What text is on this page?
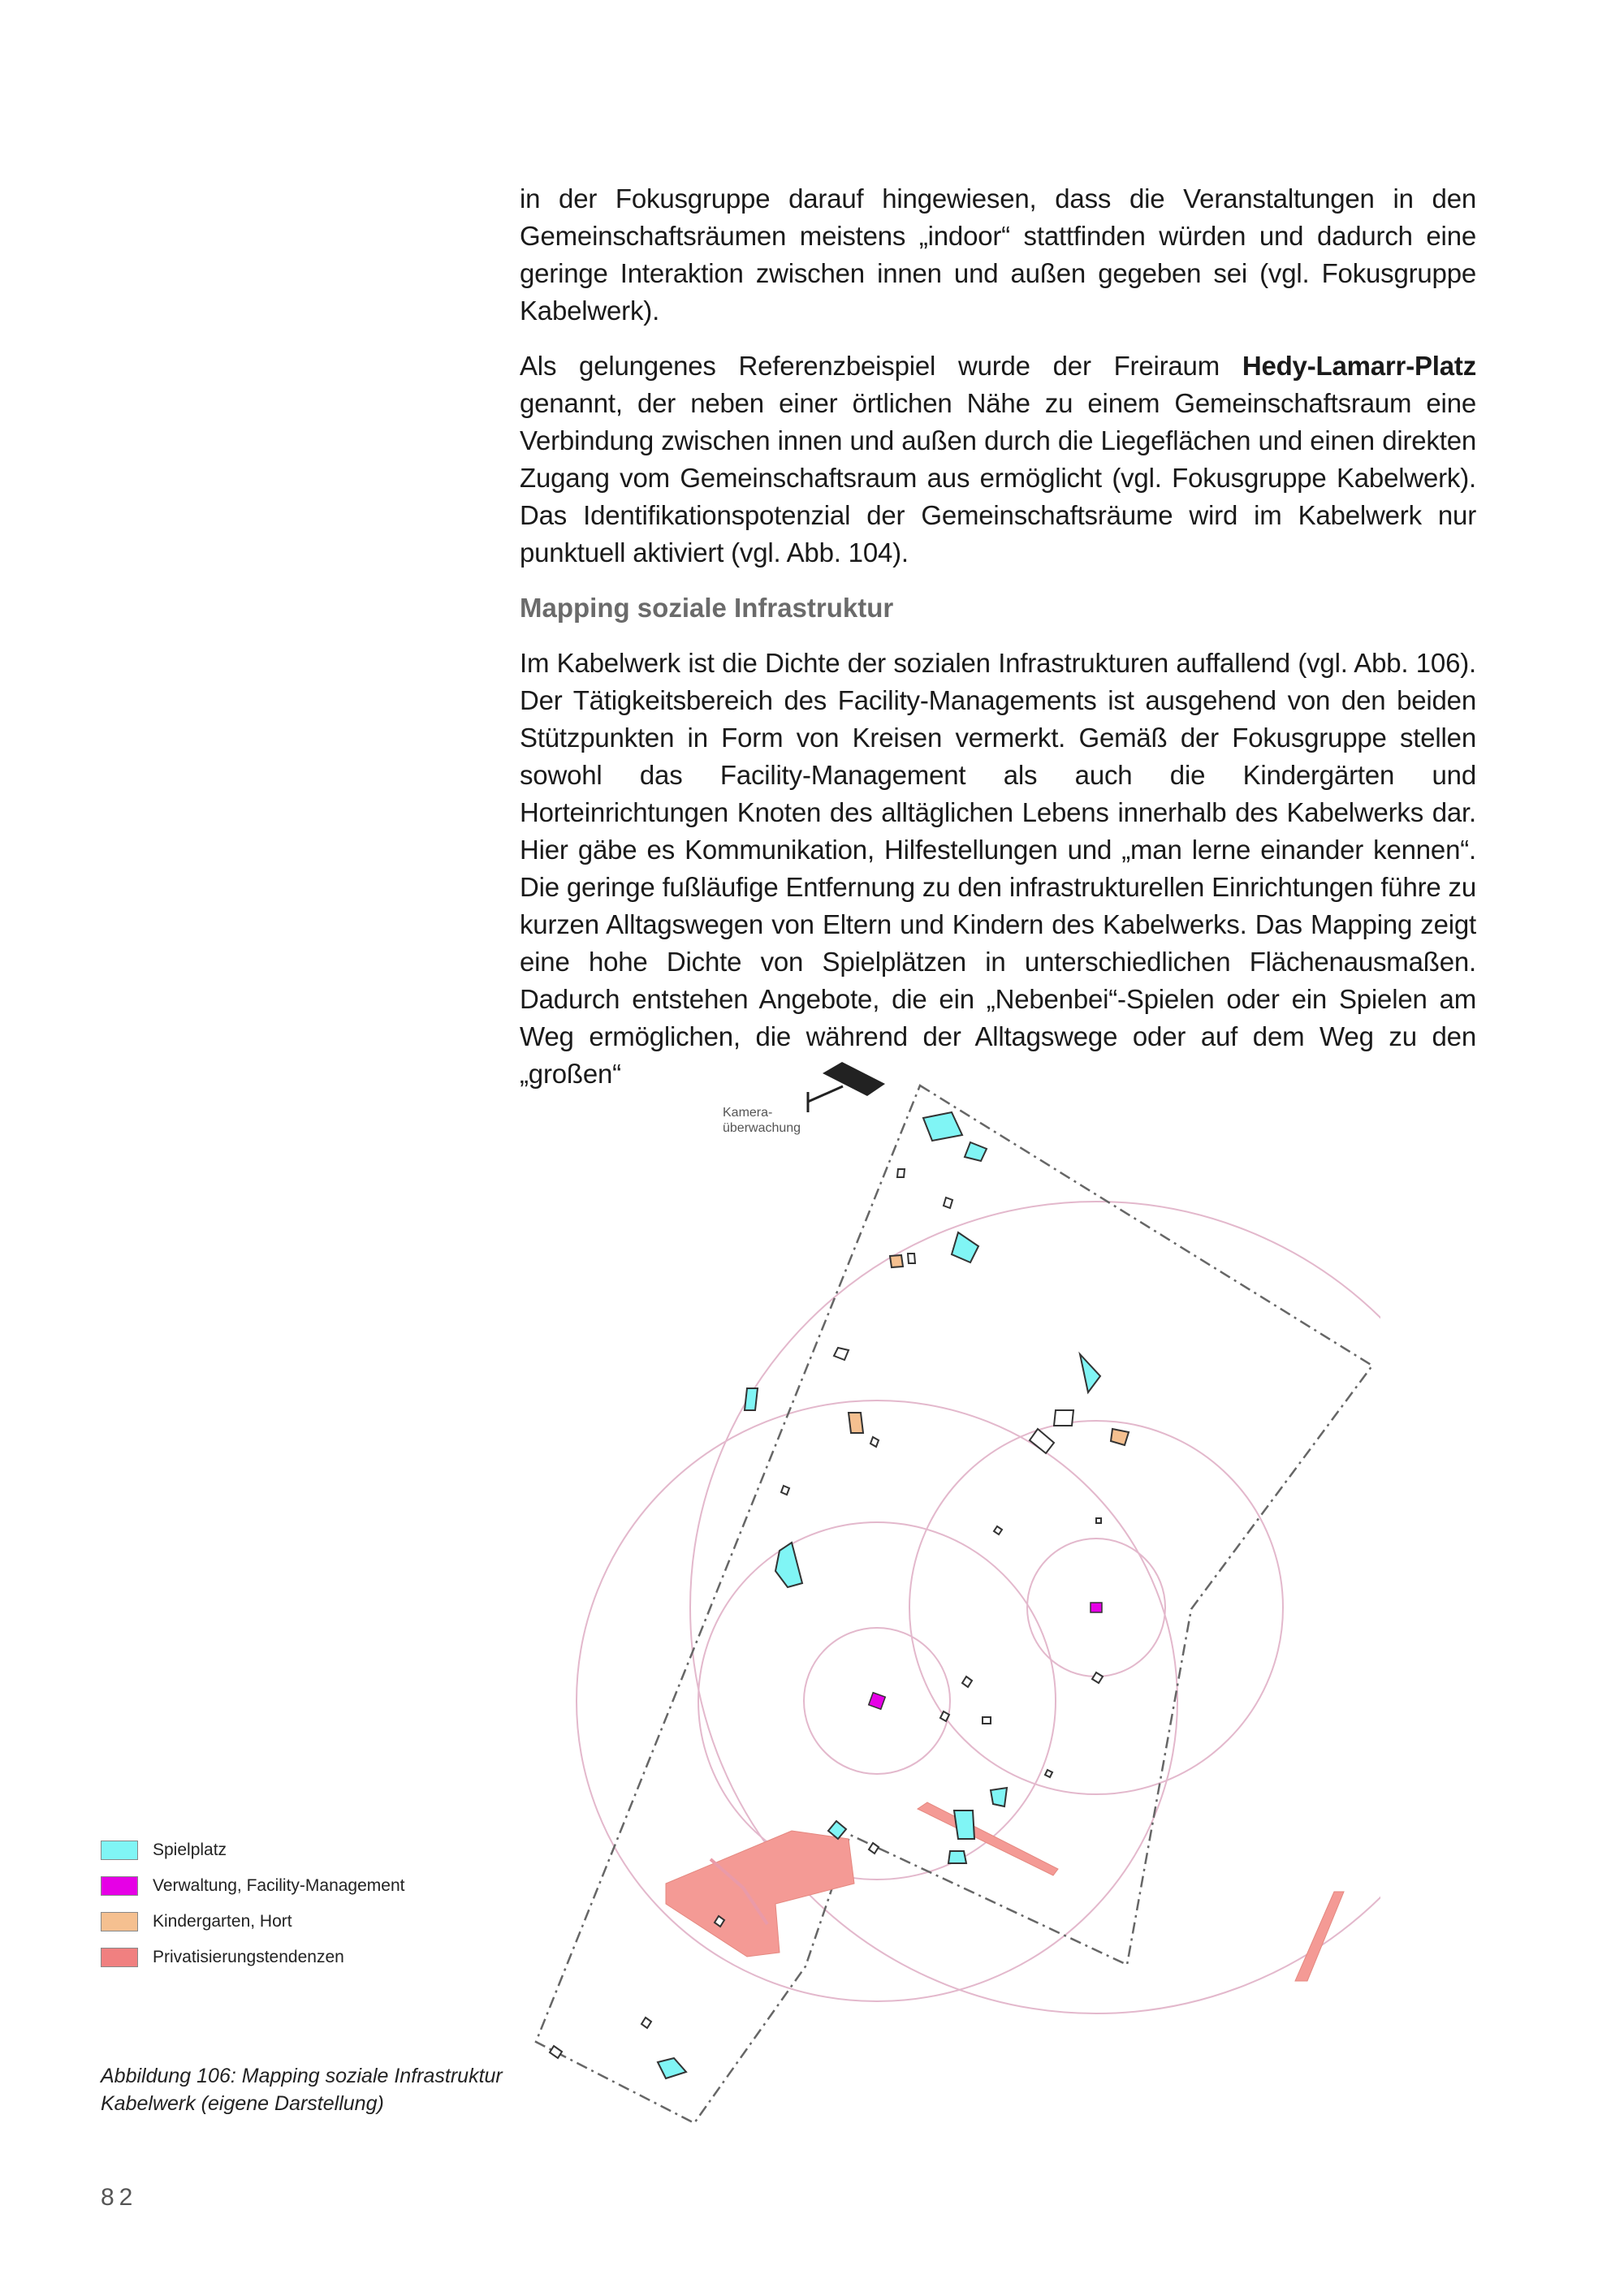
in der Fokusgruppe darauf hingewiesen, dass die Veranstaltungen in den Gemeinschaftsräumen meistens „indoor“ stattfinden würden und dadurch eine geringe Interaktion zwischen innen und außen gegeben sei (vgl. Fokusgruppe Kabelwerk).

Als gelungenes Referenzbeispiel wurde der Freiraum Hedy-Lamarr-Platz genannt, der neben einer örtlichen Nähe zu einem Gemeinschaftsraum eine Verbindung zwischen innen und außen durch die Liegeflächen und einen direkten Zugang vom Gemeinschaftsraum aus ermöglicht (vgl. Fokusgruppe Kabelwerk). Das Identifikationspotenzial der Gemeinschaftsräume wird im Kabelwerk nur punktuell aktiviert (vgl. Abb. 104).

Mapping soziale Infrastruktur

Im Kabelwerk ist die Dichte der sozialen Infrastrukturen auffallend (vgl. Abb. 106). Der Tätigkeitsbereich des Facility-Managements ist ausgehend von den beiden Stützpunkten in Form von Kreisen vermerkt. Gemäß der Fokusgruppe stellen sowohl das Facility-Management als auch die Kindergärten und Horteinrichtungen Knoten des alltäglichen Lebens innerhalb des Kabelwerks dar. Hier gäbe es Kommunikation, Hilfestellungen und „man lerne einander kennen“. Die geringe fußläufige Entfernung zu den infrastrukturellen Einrichtungen führe zu kurzen Alltagswegen von Eltern und Kindern des Kabelwerks. Das Mapping zeigt eine hohe Dichte von Spielplätzen in unterschiedlichen Flächenausmaßen. Dadurch entstehen Angebote, die ein „Nebenbei“-Spielen oder ein Spielen am Weg ermöglichen, die während der Alltagswege oder auf dem Weg zu den „großen“

Kamera-
überwachung
Spielplatz
Verwaltung, Facility-Management
Kindergarten, Hort
Privatisierungstendenzen
Abbildung 106: Mapping soziale Infrastruktur
Kabelwerk (eigene Darstellung)
82
